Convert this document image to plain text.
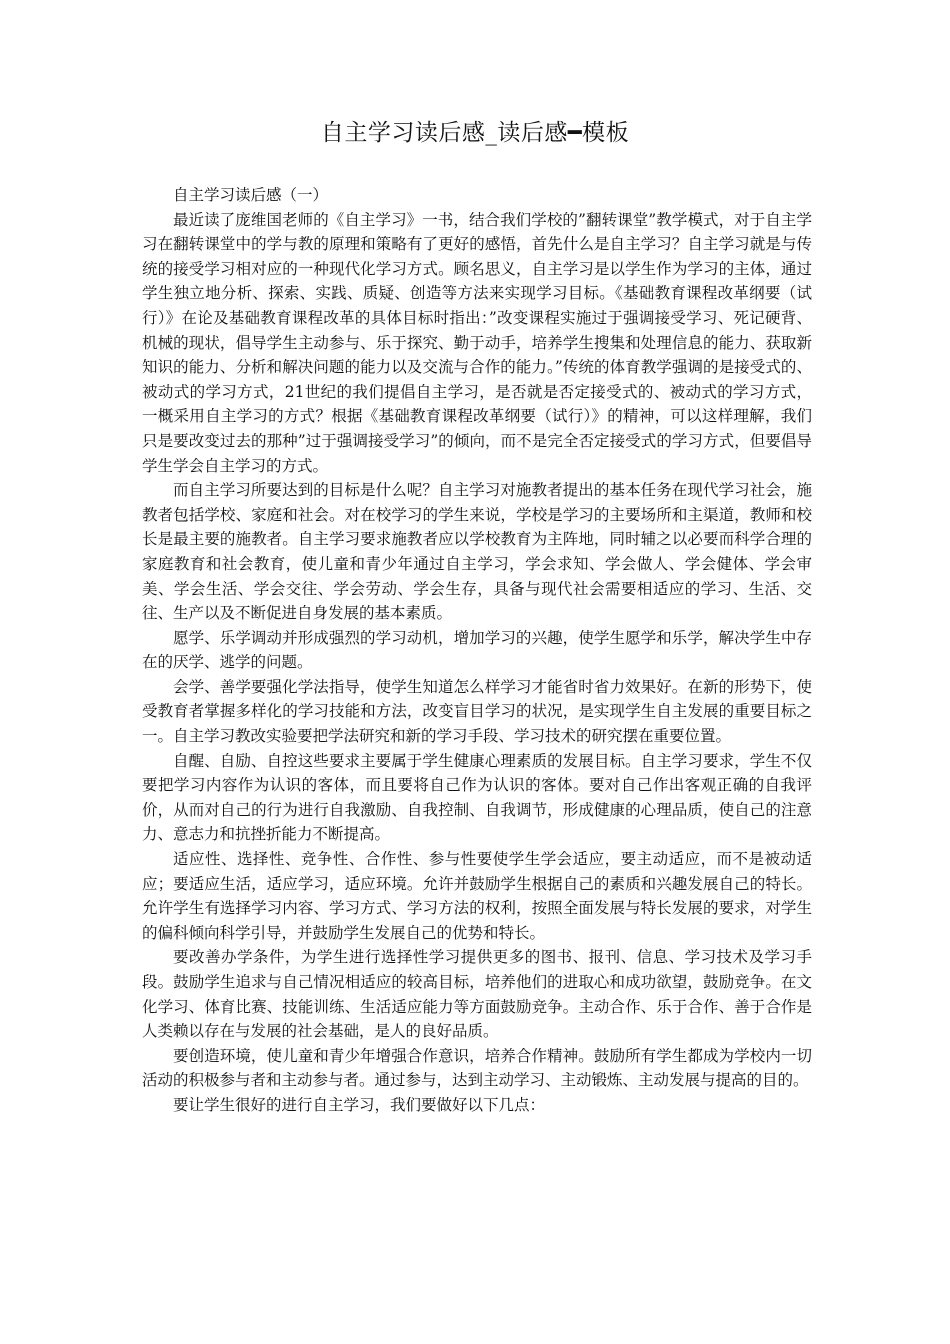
自主学习读后感_读后感━模板

自主学习读后感（一）

最近读了庞维国老师的《自主学习》一书，结合我们学校的”翻转课堂”教学模式，对于自主学习在翻转课堂中的学与教的原理和策略有了更好的感悟，首先什么是自主学习？自主学习就是与传统的接受学习相对应的一种现代化学习方式。顾名思义，自主学习是以学生作为学习的主体，通过学生独立地分析、探索、实践、质疑、创造等方法来实现学习目标。《基础教育课程改革纲要（试行）》在论及基础教育课程改革的具体目标时指出：”改变课程实施过于强调接受学习、死记硬背、机械的现状，倡导学生主动参与、乐于探究、勤于动手，培养学生搜集和处理信息的能力、获取新知识的能力、分析和解决问题的能力以及交流与合作的能力。”传统的体育教学强调的是接受式的、被动式的学习方式，21世纪的我们提倡自主学习，是否就是否定接受式的、被动式的学习方式，一概采用自主学习的方式？根据《基础教育课程改革纲要（试行）》的精神，可以这样理解，我们只是要改变过去的那种”过于强调接受学习”的倾向，而不是完全否定接受式的学习方式，但要倡导学生学会自主学习的方式。

而自主学习所要达到的目标是什么呢？自主学习对施教者提出的基本任务在现代学习社会，施教者包括学校、家庭和社会。对在校学习的学生来说，学校是学习的主要场所和主渠道，教师和校长是最主要的施教者。自主学习要求施教者应以学校教育为主阵地，同时辅之以必要而科学合理的家庭教育和社会教育，使儿童和青少年通过自主学习，学会求知、学会做人、学会健体、学会审美、学会生活、学会交往、学会劳动、学会生存，具备与现代社会需要相适应的学习、生活、交往、生产以及不断促进自身发展的基本素质。

愿学、乐学调动并形成强烈的学习动机，增加学习的兴趣，使学生愿学和乐学，解决学生中存在的厌学、逃学的问题。

会学、善学要强化学法指导，使学生知道怎么样学习才能省时省力效果好。在新的形势下，使受教育者掌握多样化的学习技能和方法，改变盲目学习的状况，是实现学生自主发展的重要目标之一。自主学习教改实验要把学法研究和新的学习手段、学习技术的研究摆在重要位置。

自醒、自励、自控这些要求主要属于学生健康心理素质的发展目标。自主学习要求，学生不仅要把学习内容作为认识的客体，而且要将自己作为认识的客体。要对自己作出客观正确的自我评价，从而对自己的行为进行自我激励、自我控制、自我调节，形成健康的心理品质，使自己的注意力、意志力和抗挫折能力不断提高。

适应性、选择性、竞争性、合作性、参与性要使学生学会适应，要主动适应，而不是被动适应；要适应生活，适应学习，适应环境。允许并鼓励学生根据自己的素质和兴趣发展自己的特长。允许学生有选择学习内容、学习方式、学习方法的权利，按照全面发展与特长发展的要求，对学生的偏科倾向科学引导，并鼓励学生发展自己的优势和特长。

要改善办学条件，为学生进行选择性学习提供更多的图书、报刊、信息、学习技术及学习手段。鼓励学生追求与自己情况相适应的较高目标，培养他们的进取心和成功欲望，鼓励竞争。在文化学习、体育比赛、技能训练、生活适应能力等方面鼓励竞争。主动合作、乐于合作、善于合作是人类赖以存在与发展的社会基础，是人的良好品质。

要创造环境，使儿童和青少年增强合作意识，培养合作精神。鼓励所有学生都成为学校内一切活动的积极参与者和主动参与者。通过参与，达到主动学习、主动锻炼、主动发展与提高的目的。

要让学生很好的进行自主学习，我们要做好以下几点：
